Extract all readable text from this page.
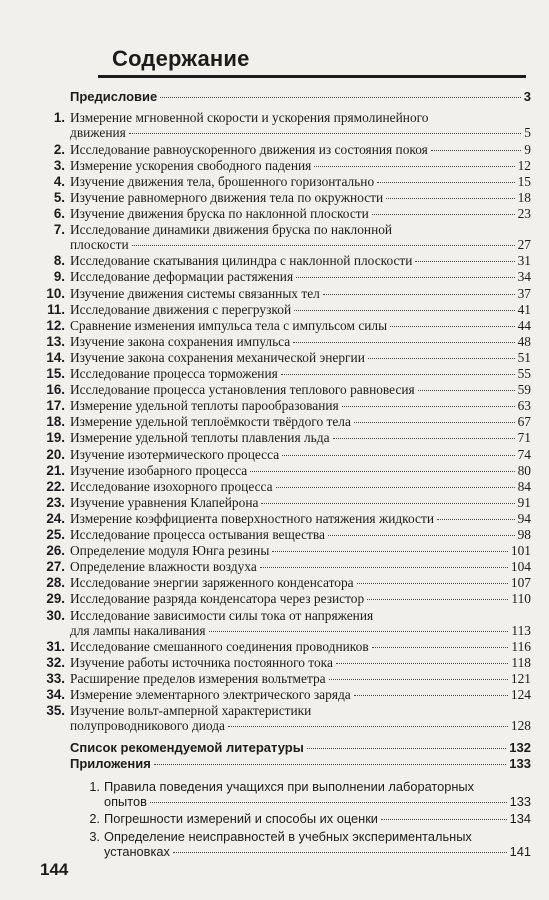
Содержание
Предисловие	3
1. Измерение мгновенной скорости и ускорения прямолинейного
движения	5
2. Исследование равноускоренного движения из состояния покоя	9
3. Измерение ускорения свободного падения	12
4. Изучение движения тела, брошенного горизонтально	15
5. Изучение равномерного движения тела по окружности	18
6. Изучение движения бруска по наклонной плоскости	23
7. Исследование динамики движения бруска по наклонной
плоскости	27
8. Исследование скатывания цилиндра с наклонной плоскости	31
9. Исследование деформации растяжения	34
10. Изучение движения системы связанных тел	37
11. Исследование движения с перегрузкой	41
12. Сравнение изменения импульса тела с импульсом силы	44
13. Изучение закона сохранения импульса	48
14. Изучение закона сохранения механической энергии	51
15. Исследование процесса торможения	55
16. Исследование процесса установления теплового равновесия	59
17. Измерение удельной теплоты парообразования	63
18. Измерение удельной теплоёмкости твёрдого тела	67
19. Измерение удельной теплоты плавления льда	71
20. Изучение изотермического процесса	74
21. Изучение изобарного процесса	80
22. Исследование изохорного процесса	84
23. Изучение уравнения Клапейрона	91
24. Измерение коэффициента поверхностного натяжения жидкости	94
25. Исследование процесса остывания вещества	98
26. Определение модуля Юнга резины	101
27. Определение влажности воздуха	104
28. Исследование энергии заряженного конденсатора	107
29. Исследование разряда конденсатора через резистор	110
30. Исследование зависимости силы тока от напряжения
для лампы накаливания	113
31. Исследование смешанного соединения проводников	116
32. Изучение работы источника постоянного тока	118
33. Расширение пределов измерения вольтметра	121
34. Измерение элементарного электрического заряда	124
35. Изучение вольт-амперной характеристики
полупроводникового диода	128
Список рекомендуемой литературы	132
Приложения	133
1. Правила поведения учащихся при выполнении лабораторных
опытов	133
2. Погрешности измерений и способы их оценки	134
3. Определение неисправностей в учебных экспериментальных
установках	141
144
